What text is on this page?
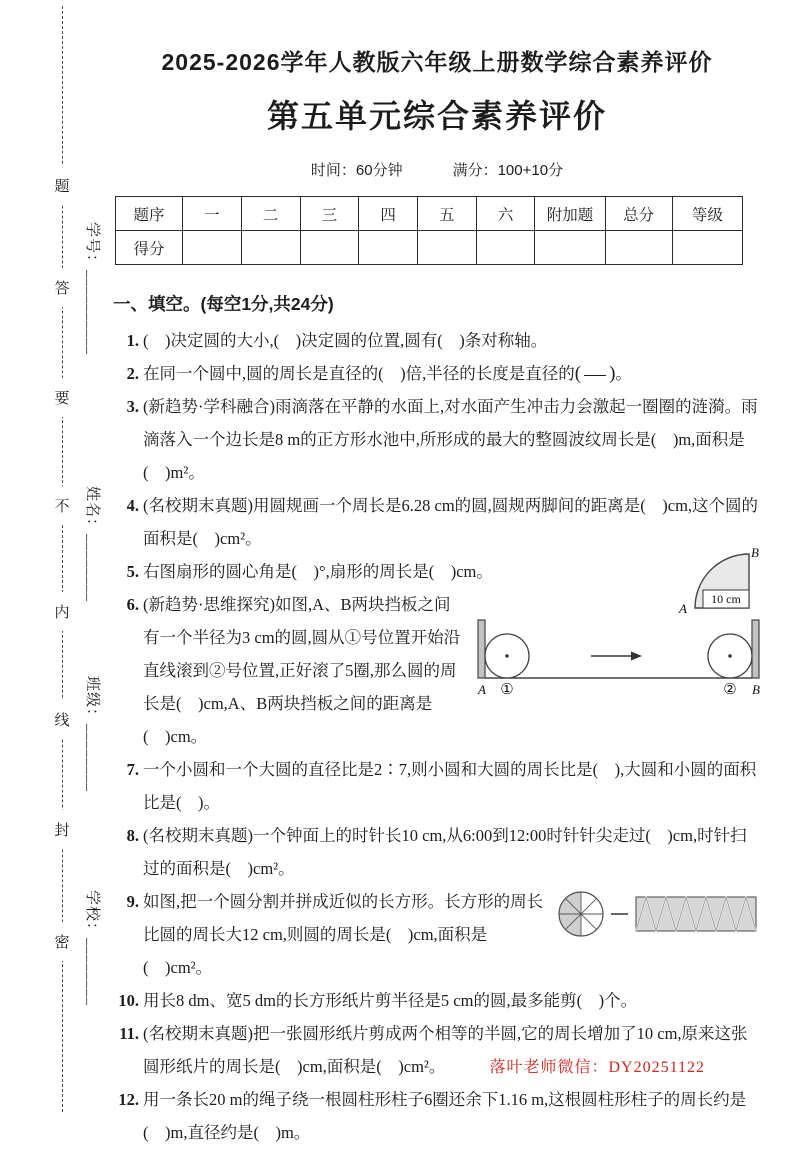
题
答
要
不
内
线
封
密
学号：__________
姓名：________
班级：________
学校：________
2025-2026学年人教版六年级上册数学综合素养评价
第五单元综合素养评价
时间：60分钟	满分：100+10分
题序	一	二	三	四	五	六	附加题	总分	等级
得分									
一、填空。(每空1分,共24分)
1. (    )决定圆的大小,(    )决定圆的位置,圆有(    )条对称轴。
2. 在同一个圆中,圆的周长是直径的(    )倍,半径的长度是直径的( )。
3. (新趋势·学科融合)雨滴落在平静的水面上,对水面产生冲击力会激起一圈圈的涟漪。雨滴落入一个边长是8 m的正方形水池中,所形成的最大的整圆波纹周长是(    )m,面积是(    )m²。
4. (名校期末真题)用圆规画一个周长是6.28 cm的圆,圆规两脚间的距离是(    )cm,这个圆的面积是(    )cm²。
5.
10 cm
B
A
右图扇形的圆心角是(    )°,扇形的周长是(    )cm。
6.
A ①	② B
(新趋势·思维探究)如图,A、B两块挡板之间有一个半径为3 cm的圆,圆从①号位置开始沿直线滚到②号位置,正好滚了5圈,那么圆的周长是(    )cm,A、B两块挡板之间的距离是(    )cm。
7. 一个小圆和一个大圆的直径比是2∶7,则小圆和大圆的周长比是(    ),大圆和小圆的面积比是(    )。
8. (名校期末真题)一个钟面上的时针长10 cm,从6:00到12:00时针针尖走过(    )cm,时针扫过的面积是(    )cm²。
9. 如图,把一个圆分割并拼成近似的长方形。长方形的周长比圆的周长大12 cm,则圆的周长是(    )cm,面积是(    )cm²。
10. 用长8 dm、宽5 dm的长方形纸片剪半径是5 cm的圆,最多能剪(    )个。
11. (名校期末真题)把一张圆形纸片剪成两个相等的半圆,它的周长增加了10 cm,原来这张圆形纸片的周长是(    )cm,面积是(    )cm²。
12. 用一条长20 m的绳子绕一根圆柱形柱子6圈还余下1.16 m,这根圆柱形柱子的周长约是(    )m,直径约是(    )m。
落叶老师微信：DY20251122
